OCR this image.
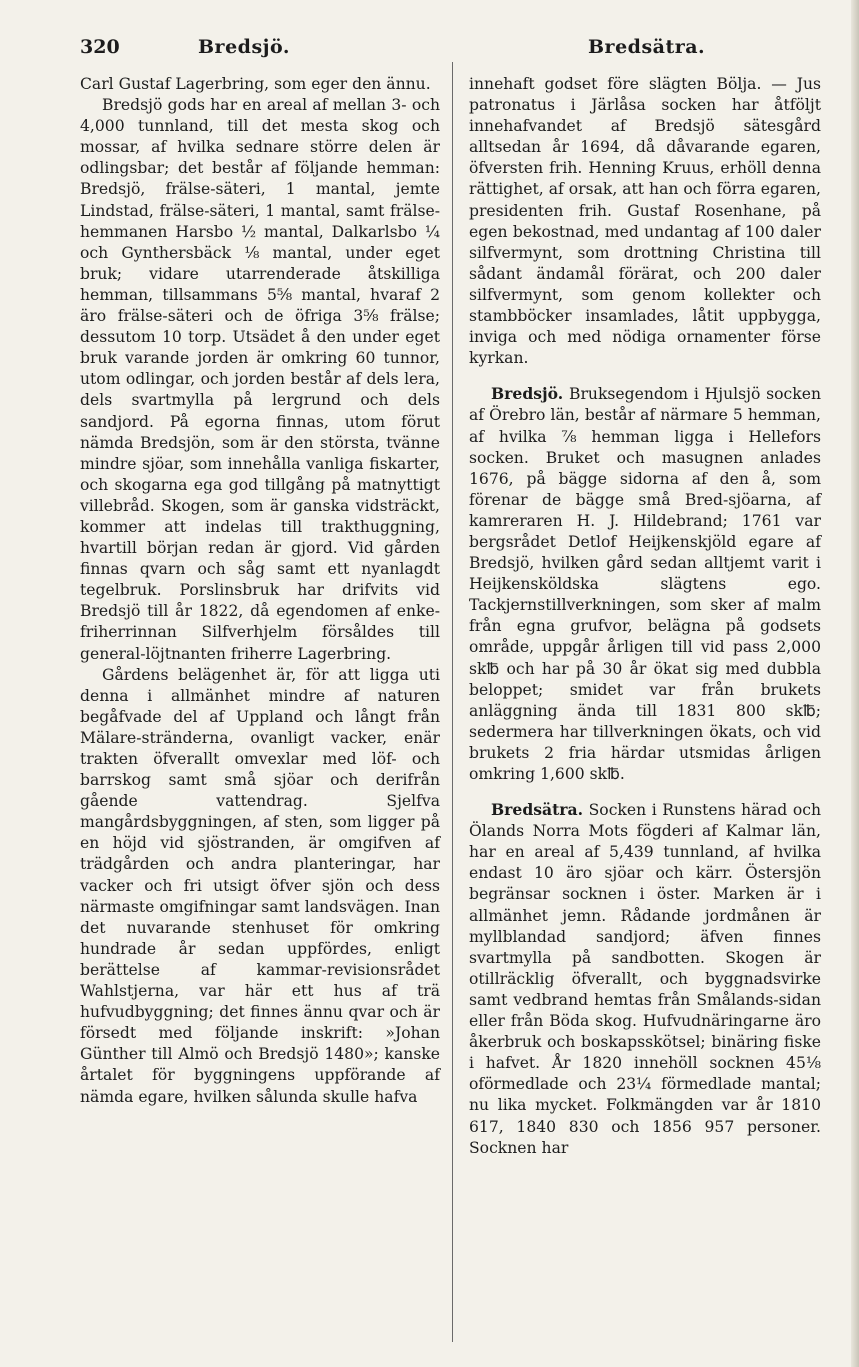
320	Bredsjö.	Bredsätra.

Carl Gustaf Lagerbring, som eger den ännu.

Bredsjö gods har en areal af mellan 3- och 4,000 tunnland, till det mesta skog och mossar, af hvilka sednare större delen är odlingsbar; det består af följande hemman: Bredsjö, frälse-säteri, 1 mantal, jemte Lindstad, frälse-säteri, 1 mantal, samt frälse-hemmanen Harsbo ½ mantal, Dalkarlsbo ¼ och Gynthersbäck ⅛ mantal, under eget bruk; vidare utarrenderade åtskilliga hemman, tillsammans 5⅝ mantal, hvaraf 2 äro frälse-säteri och de öfriga 3⅝ frälse; dessutom 10 torp. Utsädet å den under eget bruk varande jorden är omkring 60 tunnor, utom odlingar, och jorden består af dels lera, dels svartmylla på lergrund och dels sandjord. På egorna finnas, utom förut nämda Bredsjön, som är den största, tvänne mindre sjöar, som innehålla vanliga fiskarter, och skogarna ega god tillgång på matnyttigt villebråd. Skogen, som är ganska vidsträckt, kommer att indelas till trakthuggning, hvartill början redan är gjord. Vid gården finnas qvarn och såg samt ett nyanlagdt tegelbruk. Porslinsbruk har drifvits vid Bredsjö till år 1822, då egendomen af enke-friherrinnan Silfverhjelm försåldes till general-löjtnanten friherre Lagerbring.

Gårdens belägenhet är, för att ligga uti denna i allmänhet mindre af naturen begåfvade del af Uppland och långt från Mälare-stränderna, ovanligt vacker, enär trakten öfverallt omvexlar med löf- och barrskog samt små sjöar och derifrån gående vattendrag. Sjelfva mangårdsbyggningen, af sten, som ligger på en höjd vid sjöstranden, är omgifven af trädgården och andra planteringar, har vacker och fri utsigt öfver sjön och dess närmaste omgifningar samt landsvägen. Inan det nuvarande stenhuset för omkring hundrade år sedan uppfördes, enligt berättelse af kammar-revisionsrådet Wahlstjerna, var här ett hus af trä hufvudbyggning; det finnes ännu qvar och är försedt med följande inskrift: »Johan Günther till Almö och Bredsjö 1480»; kanske årtalet för byggningens uppförande af nämda egare, hvilken sålunda skulle hafva

innehaft godset före slägten Bölja. — Jus patronatus i Järlåsa socken har åtföljt innehafvandet af Bredsjö sätesgård alltsedan år 1694, då dåvarande egaren, öfversten frih. Henning Kruus, erhöll denna rättighet, af orsak, att han och förra egaren, presidenten frih. Gustaf Rosenhane, på egen bekostnad, med undantag af 100 daler silfvermynt, som drottning Christina till sådant ändamål förärat, och 200 daler silfvermynt, som genom kollekter och stambböcker insamlades, låtit uppbygga, inviga och med nödiga ornamenter förse kyrkan.

Bredsjö. Bruksegendom i Hjulsjö socken af Örebro län, består af närmare 5 hemman, af hvilka ⅞ hemman ligga i Hellefors socken. Bruket och masugnen anlades 1676, på bägge sidorna af den å, som förenar de bägge små Bred-sjöarna, af kamreraren H. J. Hildebrand; 1761 var bergsrådet Detlof Heijkenskjöld egare af Bredsjö, hvilken gård sedan alltjemt varit i Heijkensköldska slägtens ego. Tackjernstillverkningen, som sker af malm från egna grufvor, belägna på godsets område, uppgår årligen till vid pass 2,000 sk℔ och har på 30 år ökat sig med dubbla beloppet; smidet var från brukets anläggning ända till 1831 800 sk℔; sedermera har tillverkningen ökats, och vid brukets 2 fria härdar utsmidas årligen omkring 1,600 sk℔.

Bredsätra. Socken i Runstens härad och Ölands Norra Mots fögderi af Kalmar län, har en areal af 5,439 tunnland, af hvilka endast 10 äro sjöar och kärr. Östersjön begränsar socknen i öster. Marken är i allmänhet jemn. Rådande jordmånen är myllblandad sandjord; äfven finnes svartmylla på sandbotten. Skogen är otillräcklig öfverallt, och byggnadsvirke samt vedbrand hemtas från Smålands-sidan eller från Böda skog. Hufvudnäringarne äro åkerbruk och boskapsskötsel; binäring fiske i hafvet. År 1820 innehöll socknen 45⅛ oförmedlade och 23¼ förmedlade mantal; nu lika mycket. Folkmängden var år 1810 617, 1840 830 och 1856 957 personer. Socknen har
